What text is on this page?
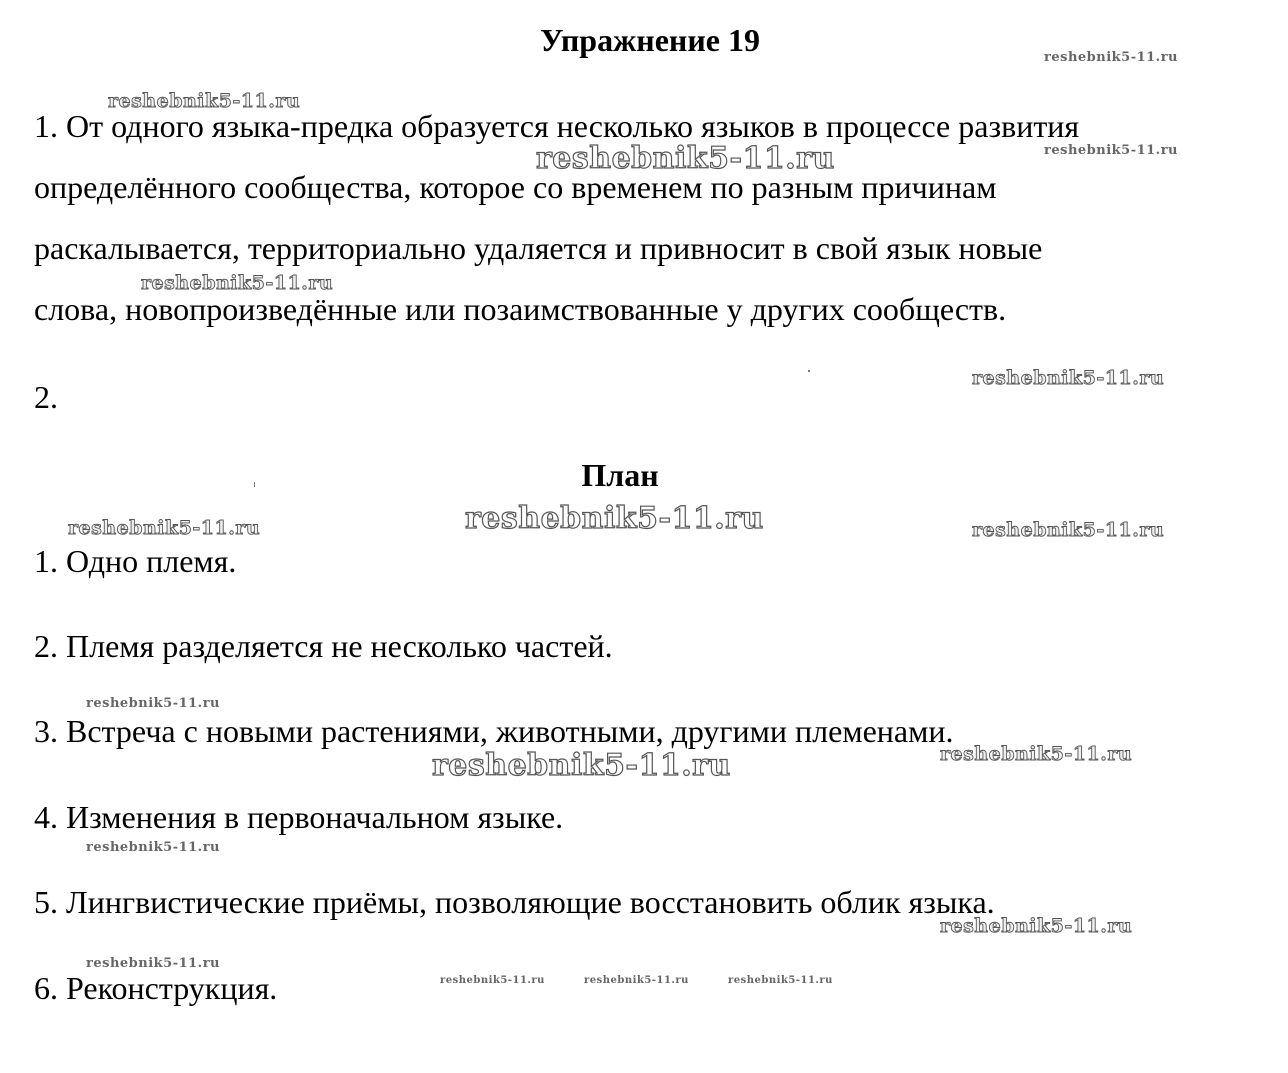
Упражнение 19

1. От одного языка-предка образуется несколько языков в процессе развития

определённого сообщества, которое со временем по разным причинам

раскалывается, территориально удаляется и привносит в свой язык новые

слова, новопроизведённые или позаимствованные у других сообществ.

2.

План

1. Одно племя.

2. Племя разделяется не несколько частей.

3. Встреча с новыми растениями, животными, другими племенами.

4. Изменения в первоначальном языке.

5. Лингвистические приёмы, позволяющие восстановить облик языка.

6. Реконструкция.

reshebnik5-11.ru
reshebnik5-11.ru
reshebnik5-11.ru	reshebnik5-11.ru
reshebnik5-11.ru
reshebnik5-11.ru
reshebnik5-11.ru
reshebnik5-11.ru	reshebnik5-11.ru
reshebnik5-11.ru
reshebnik5-11.ru
reshebnik5-11.ru
reshebnik5-11.ru
reshebnik5-11.ru
reshebnik5-11.ru
reshebnik5-11.ru	reshebnik5-11.ru	reshebnik5-11.ru
